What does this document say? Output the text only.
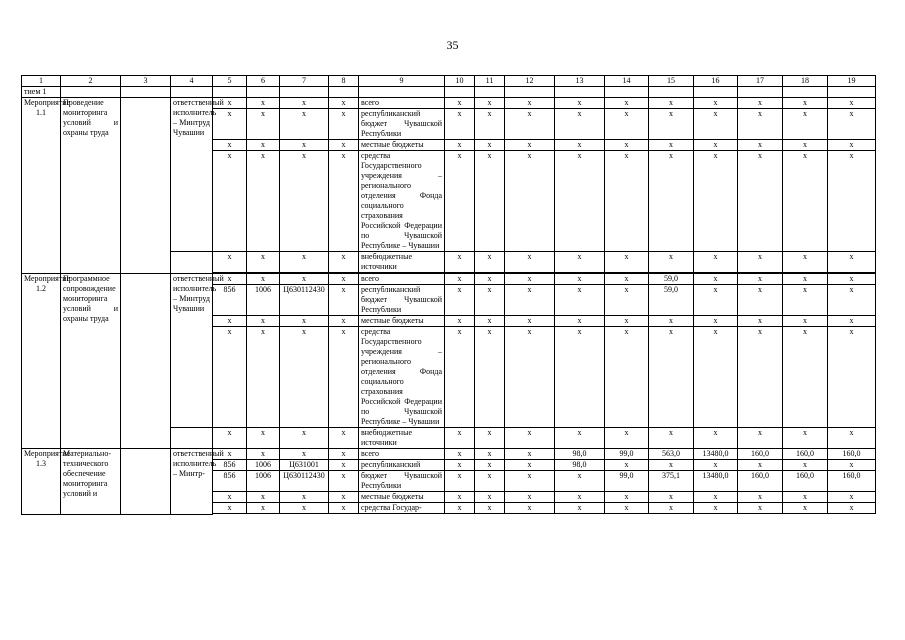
35
1	2	3	4	5	6	7	8	9	10	11	12	13	14	15	16	17	18	19
тием 1																		
Мероприятие 1.1	Проведение мониторинга условий и охраны труда		ответственный исполнитель – Минтруд Чувашии	x	x	x	x	всего	x	x	x	x	x	x	x	x	x	x
				x	x	x	x	республиканский бюджет Чувашской Республики	x	x	x	x	x	x	x	x	x	x
				x	x	x	x	местные бюджеты	x	x	x	x	x	x	x	x	x	x
				x	x	x	x	средства Государственного учреждения – регионального отделения Фонда социального страхования Российской Федерации по Чувашской Республике – Чувашии	x	x	x	x	x	x	x	x	x	x
				x	x	x	x	внебюджетные источники	x	x	x	x	x	x	x	x	x	x

Мероприятие 1.2	Программное сопровождение мониторинга условий и охраны труда		ответственный исполнитель – Минтруд Чувашии	x	x	x	x	всего	x	x	x	x	x	59,0	x	x	x	x
				856	1006	Ц630112430	x	республиканский бюджет Чувашской Республики	x	x	x	x	x	59,0	x	x	x	x
				x	x	x	x	местные бюджеты	x	x	x	x	x	x	x	x	x	x
				x	x	x	x	средства Государственного учреждения – регионального отделения Фонда социального страхования Российской Федерации по Чувашской Республике – Чувашии	x	x	x	x	x	x	x	x	x	x
				x	x	x	x	внебюджетные источники	x	x	x	x	x	x	x	x	x	x
Мероприятие 1.3	Материально-технического обеспечение мониторинга условий и		ответственный исполнитель – Минтр-	x	x	x	x	всего	x	x	x	98,0	99,0	563,0	13480,0	160,0	160,0	160,0
				856	1006	Ц631001	x	республиканский	x	x	x	98,0	x	x	x	x	x	x
				856	1006	Ц630112430	x	бюджет Чувашской Республики	x	x	x	x	99,0	375,1	13480,0	160,0	160,0	160,0
				x	x	x	x	местные бюджеты	x	x	x	x	x	x	x	x	x	x
				x	x	x	x	средства Государ-	x	x	x	x	x	x	x	x	x	x
